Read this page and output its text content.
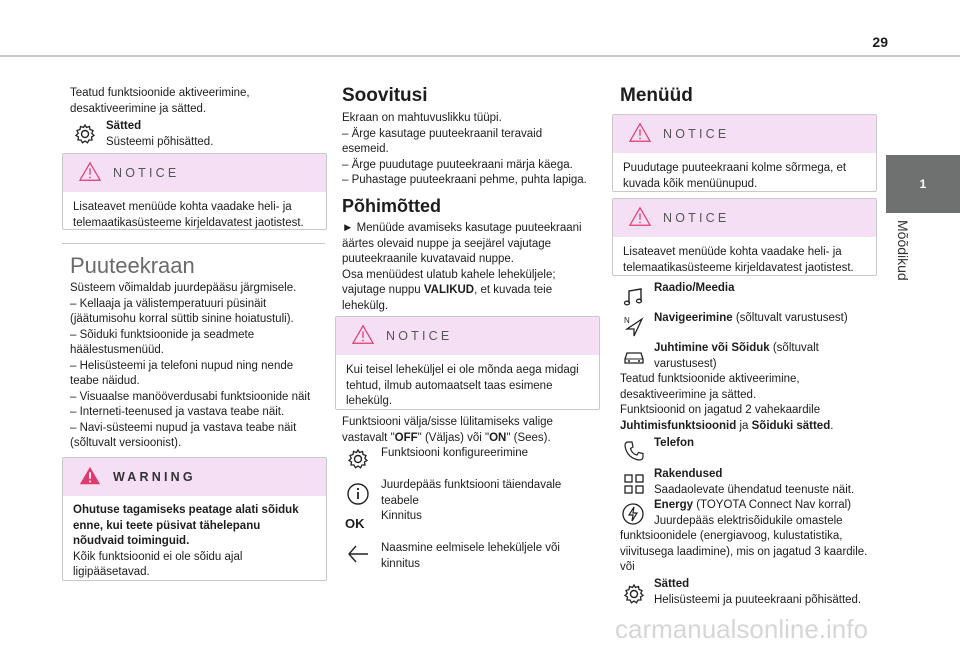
29
1
Mõõdikud

Teatud funktsioonide aktiveerimine,

desaktiveerimine ja sätted.

Sätted

Süsteemi põhisätted.

NOTICE

Lisateavet menüüde kohta vaadake heli- ja

telemaatikasüsteeme kirjeldavatest jaotistest.

Puuteekraan

Süsteem võimaldab juurdepääsu järgmisele.

– Kellaaja ja välistemperatuuri püsinäit

(jäätumisohu korral süttib sinine hoiatustuli).

– Sõiduki funktsioonide ja seadmete

häälestusmenüüd.

– Helisüsteemi ja telefoni nupud ning nende

teabe näidud.

– Visuaalse manööverdusabi funktsioonide näit

– Interneti-teenused ja vastava teabe näit.

– Navi-süsteemi nupud ja vastava teabe näit

(sõltuvalt versioonist).

WARNING

Ohutuse tagamiseks peatage alati sõiduk

enne, kui teete püsivat tähelepanu

nõudvaid toiminguid.

Kõik funktsioonid ei ole sõidu ajal

ligipääsetavad.

Soovitusi

Ekraan on mahtuvuslikku tüüpi.

– Ärge kasutage puuteekraanil teravaid

esemeid.

– Ärge puudutage puuteekraani märja käega.

– Puhastage puuteekraani pehme, puhta lapiga.

Põhimõtted

► Menüüde avamiseks kasutage puuteekraani

äärtes olevaid nuppe ja seejärel vajutage

puuteekraanile kuvatavaid nuppe.

Osa menüüdest ulatub kahele leheküljele;

vajutage nuppu VALIKUD, et kuvada teie

lehekülg.

NOTICE

Kui teisel leheküljel ei ole mõnda aega midagi

tehtud, ilmub automaatselt taas esimene

lehekülg.

Funktsiooni välja/sisse lülitamiseks valige

vastavalt "OFF" (Väljas) või "ON" (Sees).

Funktsiooni konfigureerimine

Juurdepääs funktsiooni täiendavale

teabele

Kinnitus

OK

Naasmine eelmisele leheküljele või

kinnitus

Menüüd
NOTICE

Puudutage puuteekraani kolme sõrmega, et

kuvada kõik menüünupud.

NOTICE

Lisateavet menüüde kohta vaadake heli- ja

telemaatikasüsteeme kirjeldavatest jaotistest.

Raadio/Meedia

N Navigeerimine (sõltuvalt varustusest)

Juhtimine või Sõiduk (sõltuvalt

varustusest)

Teatud funktsioonide aktiveerimine,

desaktiveerimine ja sätted.

Funktsioonid on jagatud 2 vahekaardile

Juhtimisfunktsioonid ja Sõiduki sätted.

Telefon

Rakendused

Saadaolevate ühendatud teenuste näit.

Energy (TOYOTA Connect Nav korral)

Juurdepääs elektrisõidukile omastele

funktsioonidele (energiavoog, kulustatistika,

viivitusega laadimine), mis on jagatud 3 kaardile.

või

Sätted

Helisüsteemi ja puuteekraani põhisätted.

carmanualsonline.info
